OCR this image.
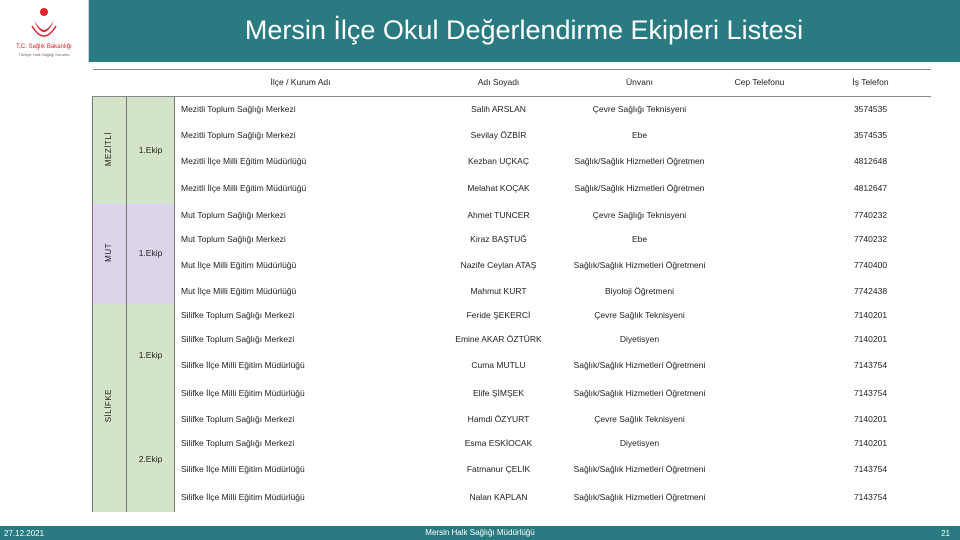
T.C. Sağlık Bakanlığı
Türkiye Halk Sağlığı Kurumu
Mersin İlçe Okul Değerlendirme Ekipleri Listesi
		İlçe / Kurum Adı	Adı Soyadı	Ünvanı	Cep Telefonu	İş Telefon
MEZİTLİ	1.Ekip	Mezitli Toplum Sağlığı Merkezi	Salih ARSLAN	Çevre Sağlığı Teknisyeni		3574535
		Mezitli Toplum Sağlığı Merkezi	Sevilay ÖZBİR	Ebe		3574535
		Mezitli İlçe Milli Eğitim Müdürlüğü	Kezban UÇKAÇ	Sağlık/Sağlık Hizmetleri Öğretmen		4812648
		Mezitli İlçe Milli Eğitim Müdürlüğü	Melahat KOÇAK	Sağlık/Sağlık Hizmetleri Öğretmen		4812647
MUT	1.Ekip	Mut Toplum Sağlığı Merkezi	Ahmet TUNCER	Çevre Sağlığı Teknisyeni		7740232
		Mut Toplum Sağlığı Merkezi	Kiraz BAŞTUĞ	Ebe		7740232
		Mut İlçe Milli Eğitim Müdürlüğü	Nazife Ceylan ATAŞ	Sağlık/Sağlık Hizmetleri Öğretmeni		7740400
		Mut İlçe Milli Eğitim Müdürlüğü	Mahmut KURT	Biyoloji Öğretmeni		7742438
SİLİFKE	1.Ekip	Silifke Toplum Sağlığı Merkezi	Feride ŞEKERCİ	Çevre Sağlık Teknisyeni		7140201
		Silifke Toplum Sağlığı Merkezi	Emine AKAR ÖZTÜRK	Diyetisyen		7140201
		Silifke İlçe Milli Eğitim Müdürlüğü	Cuma MUTLU	Sağlık/Sağlık Hizmetleri Öğretmeni		7143754
		Silifke İlçe Milli Eğitim Müdürlüğü	Elife ŞİMŞEK	Sağlık/Sağlık Hizmetleri Öğretmeni		7143754
	2.Ekip	Silifke Toplum Sağlığı Merkezi	Hamdi ÖZYURT	Çevre Sağlık Teknisyeni		7140201
		Silifke Toplum Sağlığı Merkezi	Esma ESKİOCAK	Diyetisyen		7140201
		Silifke İlçe Milli Eğitim Müdürlüğü	Fatmanur ÇELİK	Sağlık/Sağlık Hizmetleri Öğretmeni		7143754
		Silifke İlçe Milli Eğitim Müdürlüğü	Nalan KAPLAN	Sağlık/Sağlık Hizmetleri Öğretmeni		7143754
27.12.2021	Mersin Halk Sağlığı Müdürlüğü	21
